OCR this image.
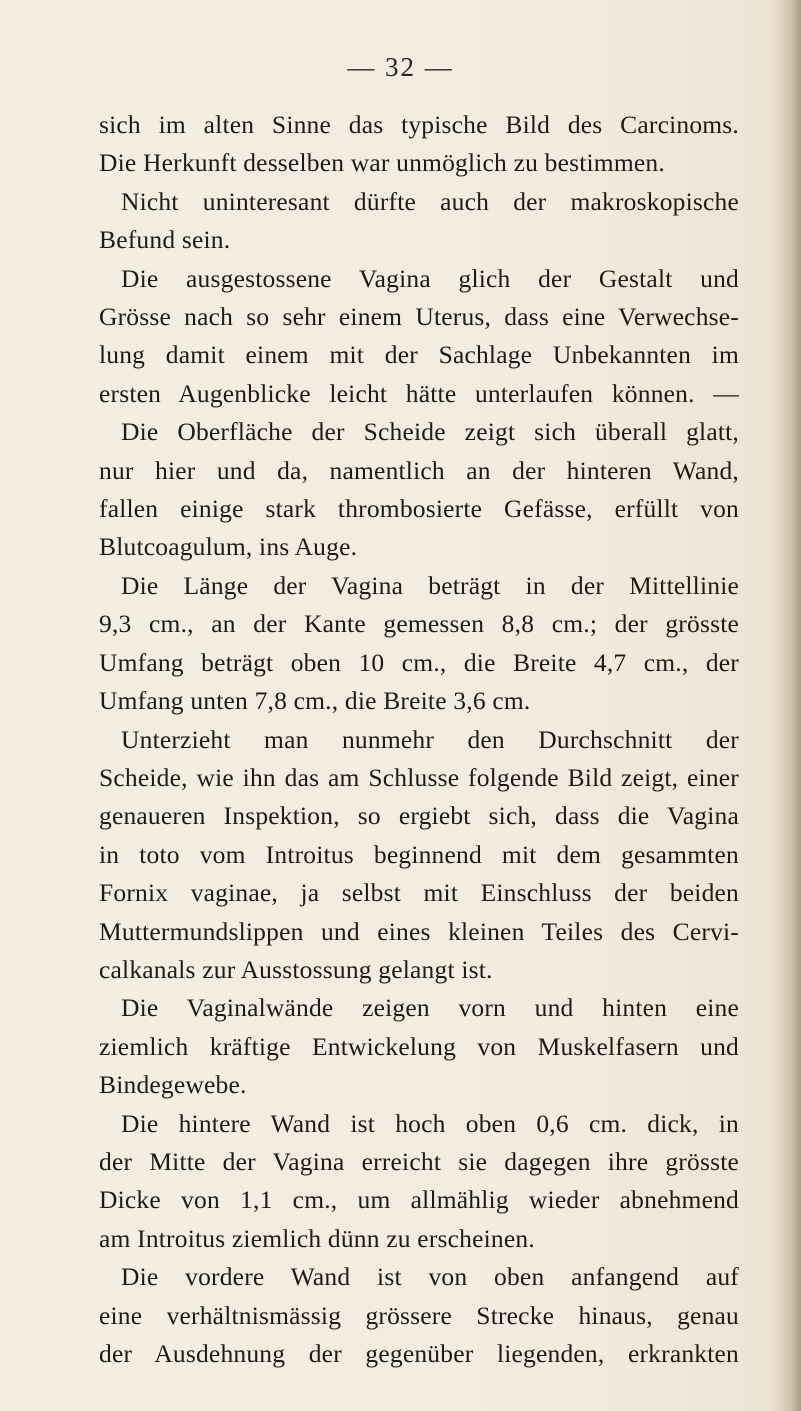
— 32 —

sich im alten Sinne das typische Bild des Carcinoms.
Die Herkunft desselben war unmöglich zu bestimmen.

Nicht uninteresant dürfte auch der makroskopische
Befund sein.

Die ausgestossene Vagina glich der Gestalt und
Grösse nach so sehr einem Uterus, dass eine Verwechse-
lung damit einem mit der Sachlage Unbekannten im
ersten Augenblicke leicht hätte unterlaufen können. —

Die Oberfläche der Scheide zeigt sich überall glatt,
nur hier und da, namentlich an der hinteren Wand,
fallen einige stark thrombosierte Gefässe, erfüllt von
Blutcoagulum, ins Auge.

Die Länge der Vagina beträgt in der Mittellinie
9,3 cm., an der Kante gemessen 8,8 cm.; der grösste
Umfang beträgt oben 10 cm., die Breite 4,7 cm., der
Umfang unten 7,8 cm., die Breite 3,6 cm.

Unterzieht man nunmehr den Durchschnitt der
Scheide, wie ihn das am Schlusse folgende Bild zeigt, einer
genaueren Inspektion, so ergiebt sich, dass die Vagina
in toto vom Introitus beginnend mit dem gesammten
Fornix vaginae, ja selbst mit Einschluss der beiden
Muttermundslippen und eines kleinen Teiles des Cervi-
calkanals zur Ausstossung gelangt ist.

Die Vaginalwände zeigen vorn und hinten eine
ziemlich kräftige Entwickelung von Muskelfasern und
Bindegewebe.

Die hintere Wand ist hoch oben 0,6 cm. dick, in
der Mitte der Vagina erreicht sie dagegen ihre grösste
Dicke von 1,1 cm., um allmählig wieder abnehmend
am Introitus ziemlich dünn zu erscheinen.

Die vordere Wand ist von oben anfangend auf
eine verhältnismässig grössere Strecke hinaus, genau
der Ausdehnung der gegenüber liegenden, erkrankten
